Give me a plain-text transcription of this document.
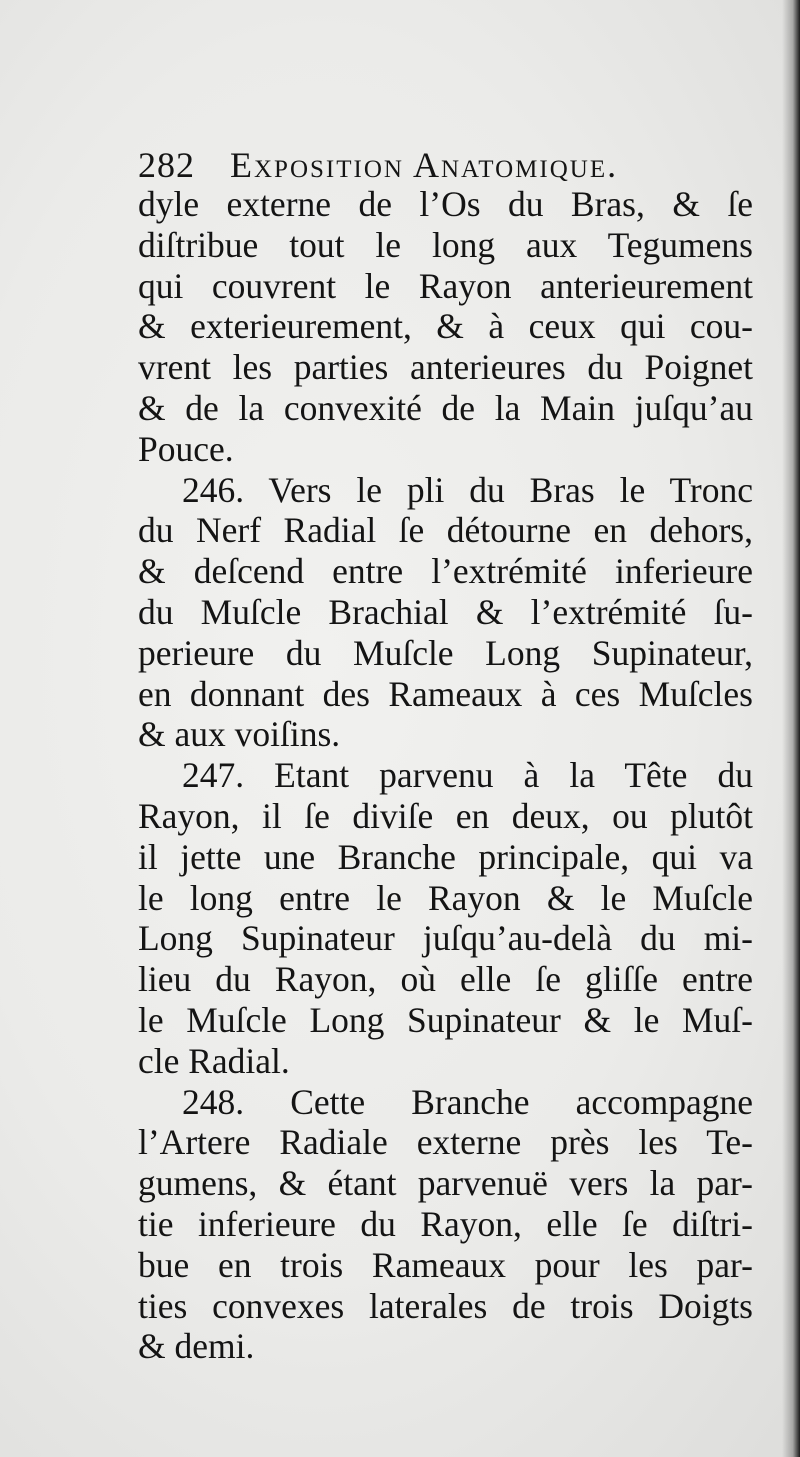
282 Exposition Anatomique.
dyle externe de l’Os du Bras, & ſe
diſtribue tout le long aux Tegumens
qui couvrent le Rayon anterieurement
& exterieurement, & à ceux qui cou-
vrent les parties anterieures du Poignet
& de la convexité de la Main juſqu’au
Pouce.
246. Vers le pli du Bras le Tronc
du Nerf Radial ſe détourne en dehors,
& deſcend entre l’extrémité inferieure
du Muſcle Brachial & l’extrémité ſu-
perieure du Muſcle Long Supinateur,
en donnant des Rameaux à ces Muſcles
& aux voiſins.
247. Etant parvenu à la Tête du
Rayon, il ſe diviſe en deux, ou plutôt
il jette une Branche principale, qui va
le long entre le Rayon & le Muſcle
Long Supinateur juſqu’au-delà du mi-
lieu du Rayon, où elle ſe gliſſe entre
le Muſcle Long Supinateur & le Muſ-
cle Radial.
248. Cette Branche accompagne
l’Artere Radiale externe près les Te-
gumens, & étant parvenuë vers la par-
tie inferieure du Rayon, elle ſe diſtri-
bue en trois Rameaux pour les par-
ties convexes laterales de trois Doigts
& demi.
